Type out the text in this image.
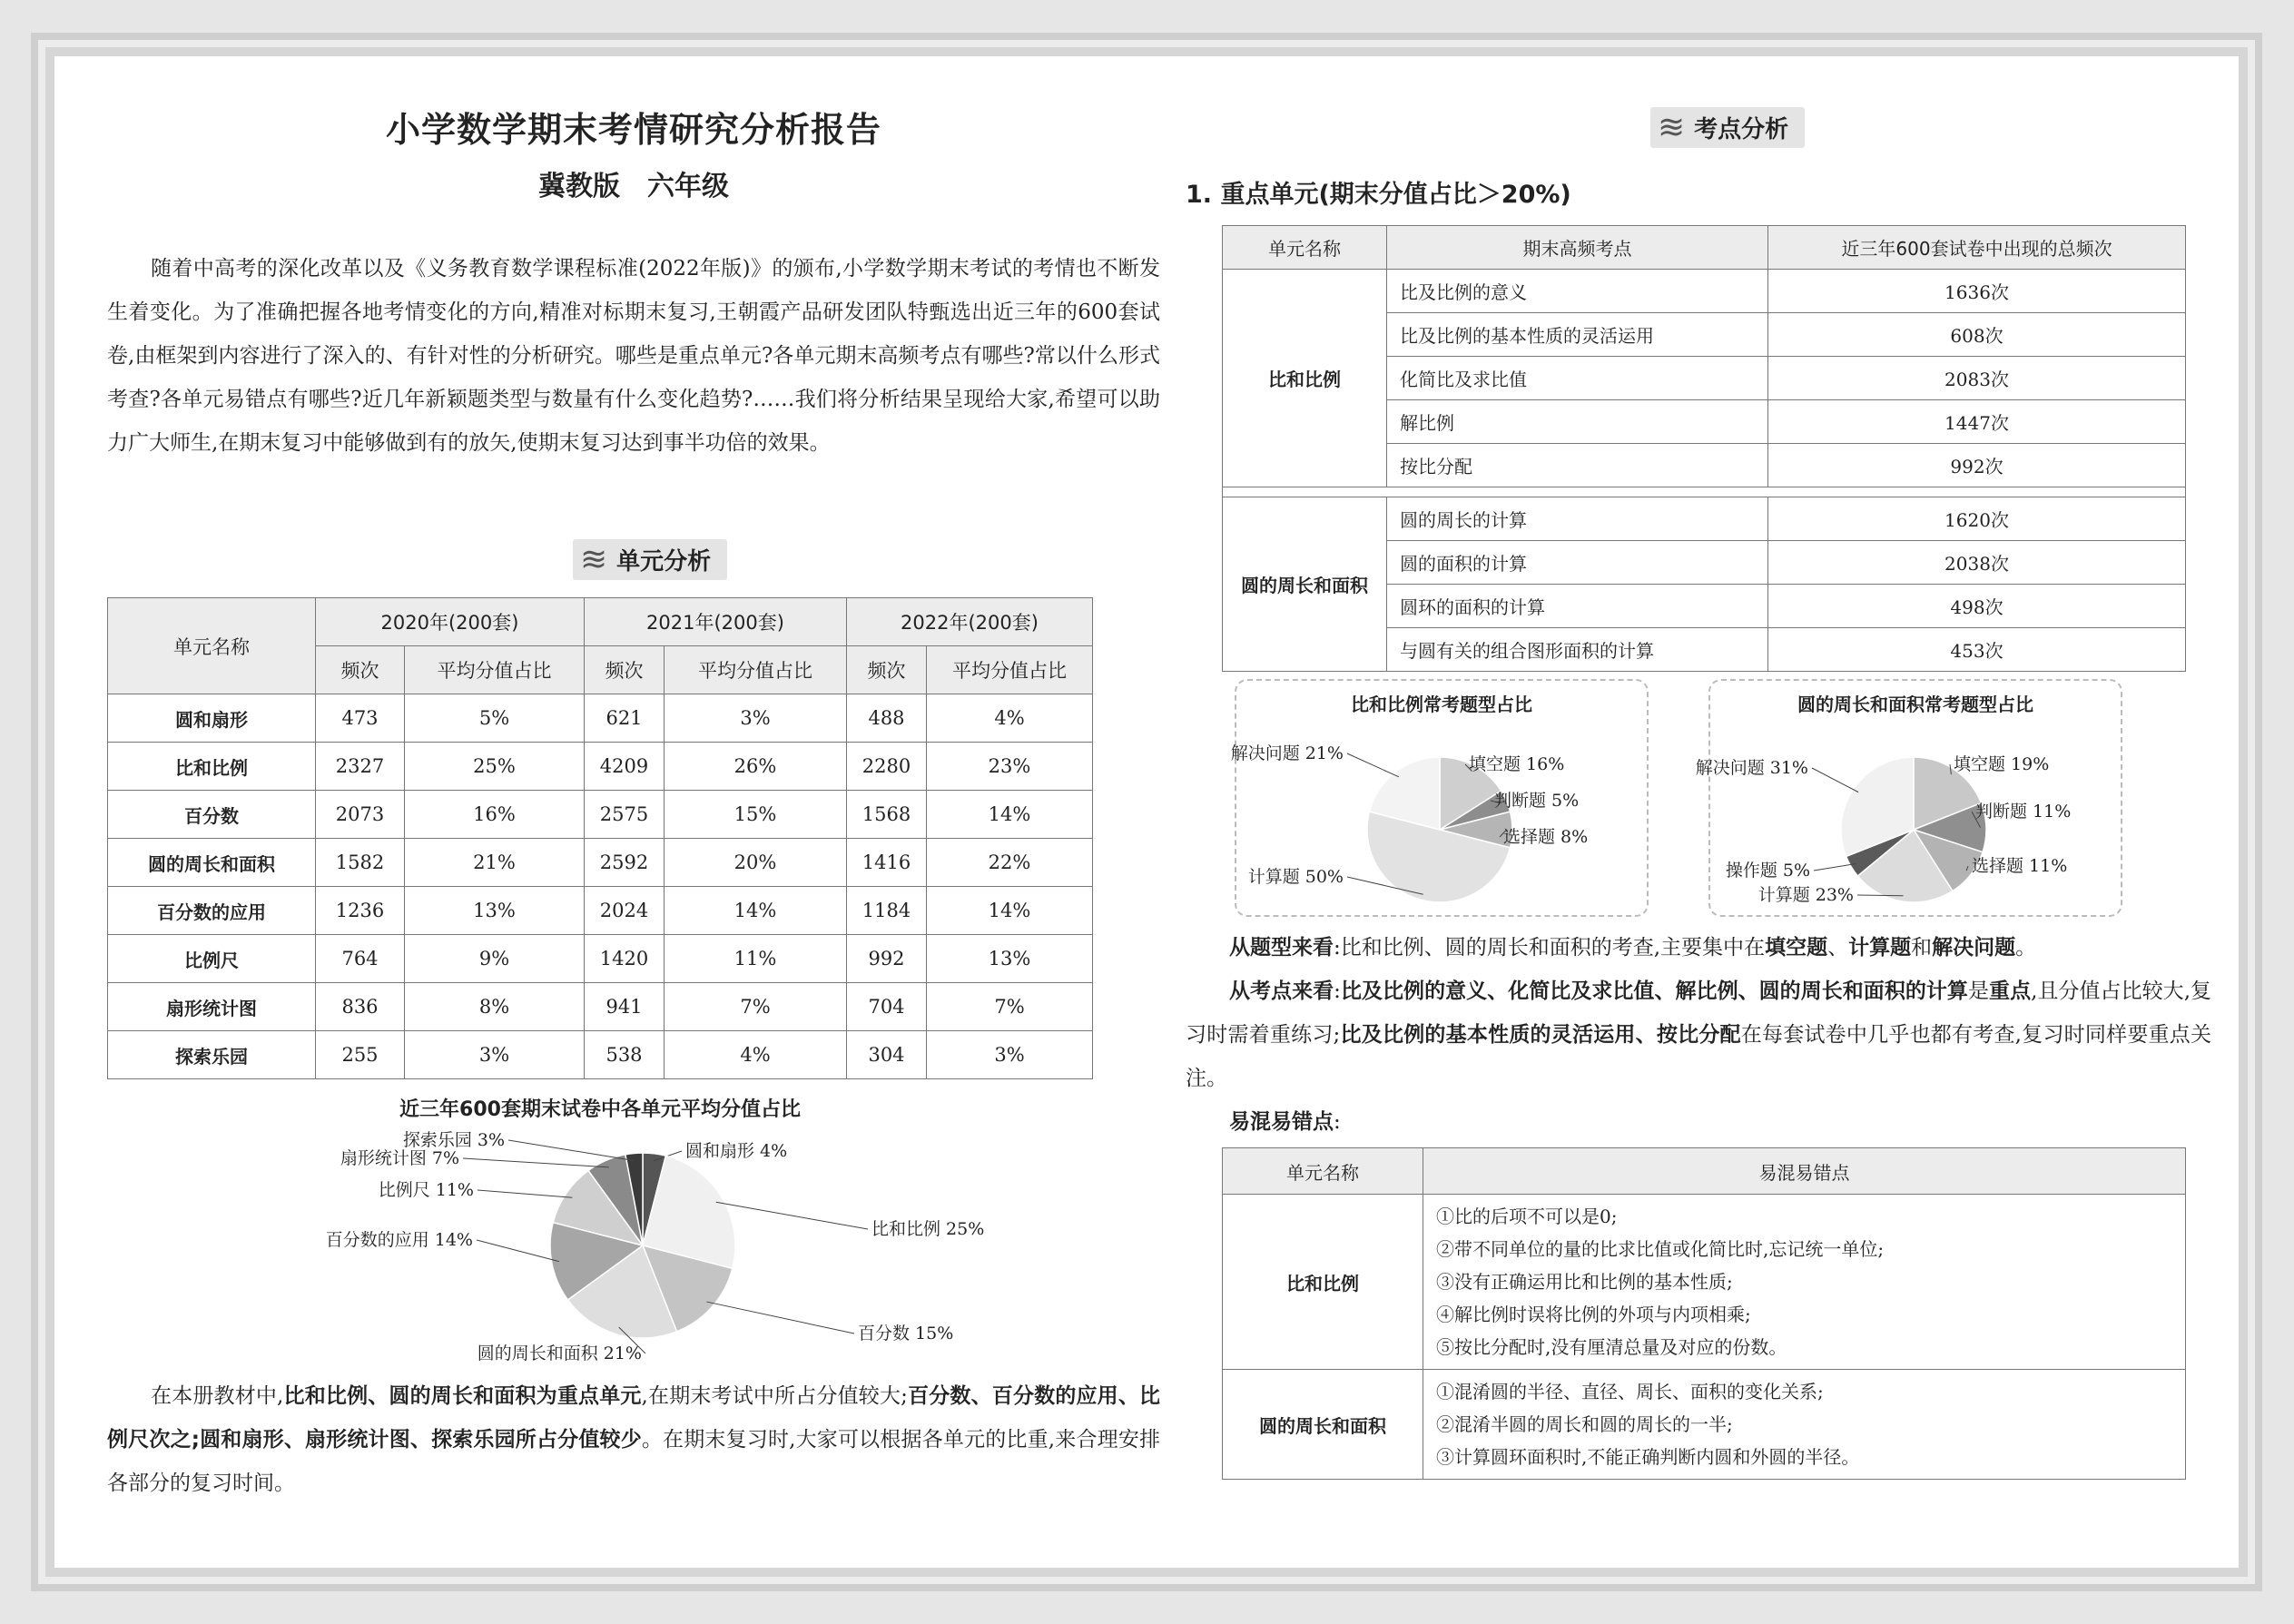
小学数学期末考情研究分析报告
冀教版　六年级
随着中高考的深化改革以及《义务教育数学课程标准(2022年版)》的颁布,小学数学期末考试的考情也不断发生着变化。为了准确把握各地考情变化的方向,精准对标期末复习,王朝霞产品研发团队特甄选出近三年的600套试卷,由框架到内容进行了深入的、有针对性的分析研究。哪些是重点单元?各单元期末高频考点有哪些?常以什么形式考查?各单元易错点有哪些?近几年新颖题类型与数量有什么变化趋势?……我们将分析结果呈现给大家,希望可以助力广大师生,在期末复习中能够做到有的放矢,使期末复习达到事半功倍的效果。
≋ 单元分析
单元名称	2020年(200套)		2021年(200套)		2022年(200套)	
	频次	平均分值占比	频次	平均分值占比	频次	平均分值占比
圆和扇形	473	5%	621	3%	488	4%
比和比例	2327	25%	4209	26%	2280	23%
百分数	2073	16%	2575	15%	1568	14%
圆的周长和面积	1582	21%	2592	20%	1416	22%
百分数的应用	1236	13%	2024	14%	1184	14%
比例尺	764	9%	1420	11%	992	13%
扇形统计图	836	8%	941	7%	704	7%
探索乐园	255	3%	538	4%	304	3%
近三年600套期末试卷中各单元平均分值占比
圆和扇形 4%
比和比例 25%
百分数 15%
圆的周长和面积 21%
百分数的应用 14%
比例尺 11%
扇形统计图 7%
探索乐园 3%
在本册教材中,比和比例、圆的周长和面积为重点单元,在期末考试中所占分值较大;百分数、百分数的应用、比例尺次之;圆和扇形、扇形统计图、探索乐园所占分值较少。在期末复习时,大家可以根据各单元的比重,来合理安排各部分的复习时间。
≋ 考点分析
1. 重点单元(期末分值占比＞20%)
单元名称	期末高频考点	近三年600套试卷中出现的总频次
比和比例	比及比例的意义	1636次
	比及比例的基本性质的灵活运用	608次
	化简比及求比值	2083次
	解比例	1447次
	按比分配	992次

圆的周长和面积	圆的周长的计算	1620次
	圆的面积的计算	2038次
	圆环的面积的计算	498次
	与圆有关的组合图形面积的计算	453次
比和比例常考题型占比
填空题 16%
判断题 5%
选择题 8%
计算题 50%
解决问题 21%
圆的周长和面积常考题型占比
填空题 19%
判断题 11%
选择题 11%
计算题 23%
操作题 5%
解决问题 31%

从题型来看:比和比例、圆的周长和面积的考查,主要集中在填空题、计算题和解决问题。

从考点来看:比及比例的意义、化简比及求比值、解比例、圆的周长和面积的计算是重点,且分值占比较大,复习时需着重练习;比及比例的基本性质的灵活运用、按比分配在每套试卷中几乎也都有考查,复习时同样要重点关注。

易混易错点:

单元名称	易混易错点
比和比例	①比的后项不可以是0;
②带不同单位的量的比求比值或化简比时,忘记统一单位;
③没有正确运用比和比例的基本性质;
④解比例时误将比例的外项与内项相乘;
⑤按比分配时,没有厘清总量及对应的份数。

圆的周长和面积	①混淆圆的半径、直径、周长、面积的变化关系;
②混淆半圆的周长和圆的周长的一半;
③计算圆环面积时,不能正确判断内圆和外圆的半径。
